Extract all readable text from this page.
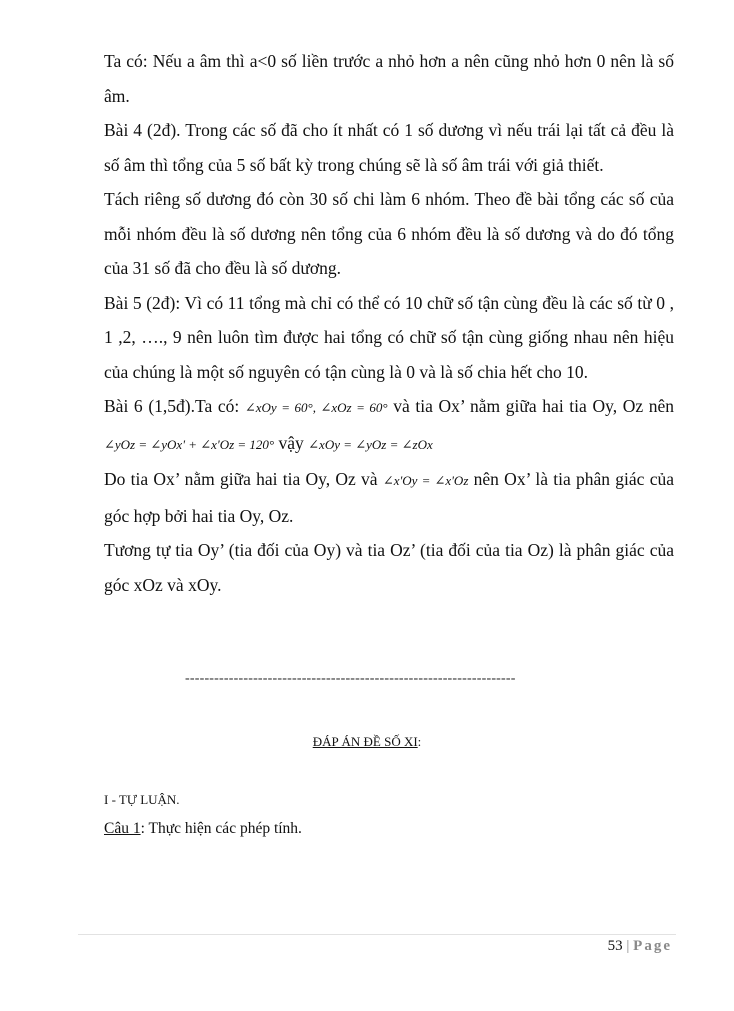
Ta có: Nếu a âm thì a<0 số liền trước a nhỏ hơn a nên cũng nhỏ hơn 0 nên là số âm.

Bài 4 (2đ). Trong các số đã cho ít nhất có 1 số dương vì nếu trái lại tất cả đều là số âm thì tổng của 5 số bất kỳ trong chúng sẽ là số âm trái với giả thiết.

Tách riêng số dương đó còn 30 số chi làm 6 nhóm. Theo đề bài tổng các số của mỗi nhóm đều là số dương nên tổng của 6 nhóm đều là số dương và do đó tổng của 31 số đã cho đều là số dương.

Bài 5 (2đ): Vì có 11 tổng mà chỉ có thể có 10 chữ số tận cùng đều là các số từ 0 , 1 ,2, …., 9 nên luôn tìm được hai tổng có chữ số tận cùng giống nhau nên hiệu của chúng là một số nguyên có tận cùng là 0 và là số chia hết cho 10.

Bài 6 (1,5đ).Ta có: ∠xOy = 60°, ∠xOz = 60° và tia Ox’ nằm giữa hai tia Oy, Oz nên ∠yOz = ∠yOx' + ∠x'Oz = 120° vậy ∠xOy = ∠yOz = ∠zOx

Do tia Ox’ nằm giữa hai tia Oy, Oz và ∠x'Oy = ∠x'Oz nên Ox’ là tia phân giác của góc hợp bởi hai tia Oy, Oz.

Tương tự tia Oy’ (tia đối của Oy) và tia Oz’ (tia đối của tia Oz) là phân giác của góc xOz và xOy.

--------------------------------------------------------------------
ĐÁP ÁN ĐỀ SỐ XI:
I - TỰ LUẬN.
Câu 1: Thực hiện các phép tính.
53 | Page
